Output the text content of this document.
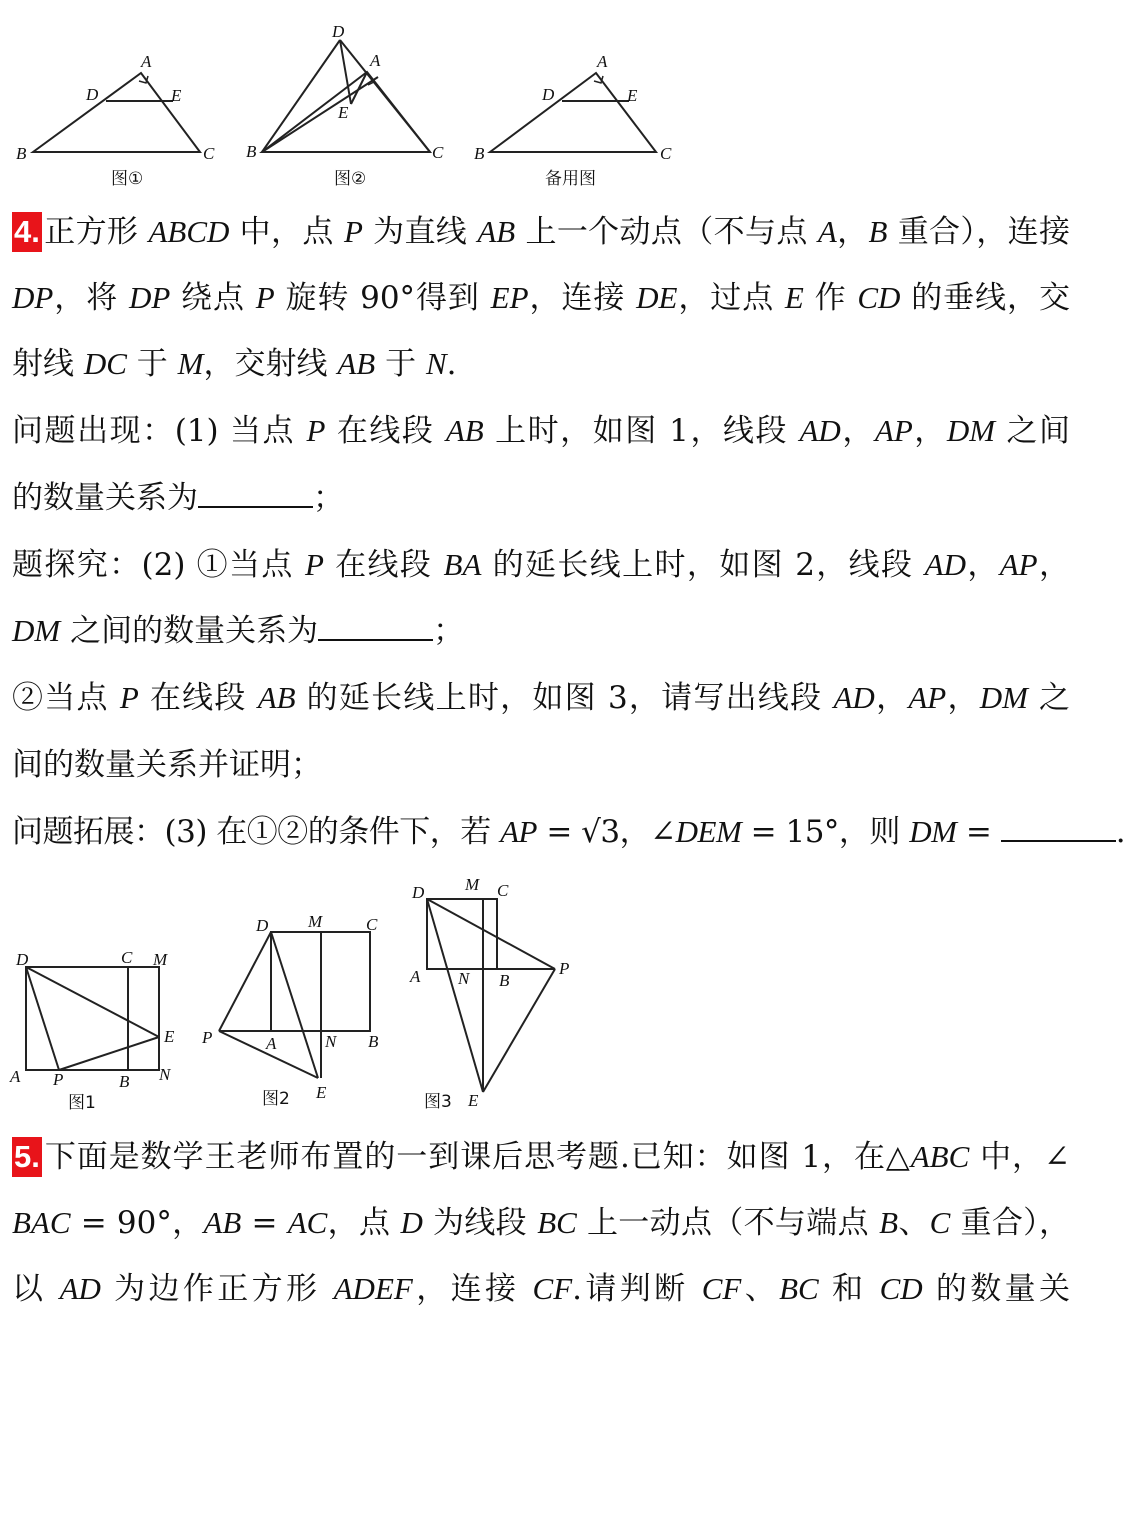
A
D	E
B	C
图①
D
A
E
B	C
图②
A
D	E
B	C
备用图
4. 正方形 ABCD 中，点 P 为直线 AB 上一个动点（不与点 A，B 重合），连接
DP，将 DP 绕点 P 旋转 90°得到 EP，连接 DE，过点 E 作 CD 的垂线，交
射线 DC 于 M，交射线 AB 于 N.
问题出现：(1) 当点 P 在线段 AB 上时，如图 1，线段 AD，AP，DM 之间
的数量关系为	；
题探究：(2) ①当点 P 在线段 BA 的延长线上时，如图 2，线段 AD，AP，
DM 之间的数量关系为	；
②当点 P 在线段 AB 的延长线上时，如图 3，请写出线段 AD，AP，DM 之
间的数量关系并证明；
问题拓展：(3) 在①②的条件下，若 AP = √3，∠DEM = 15°，则 DM =	.
D	C M
E
A P	B N
图1
D M	C
P	A	N B
E
图2
D M C
A N B
P
E
图3
5. 下面是数学王老师布置的一到课后思考题.已知：如图 1，在△ABC 中，∠
BAC = 90°，AB = AC，点 D 为线段 BC 上一动点（不与端点 B、C 重合），
以 AD 为边作正方形 ADEF，连接 CF.请判断 CF、BC 和 CD 的数量关
